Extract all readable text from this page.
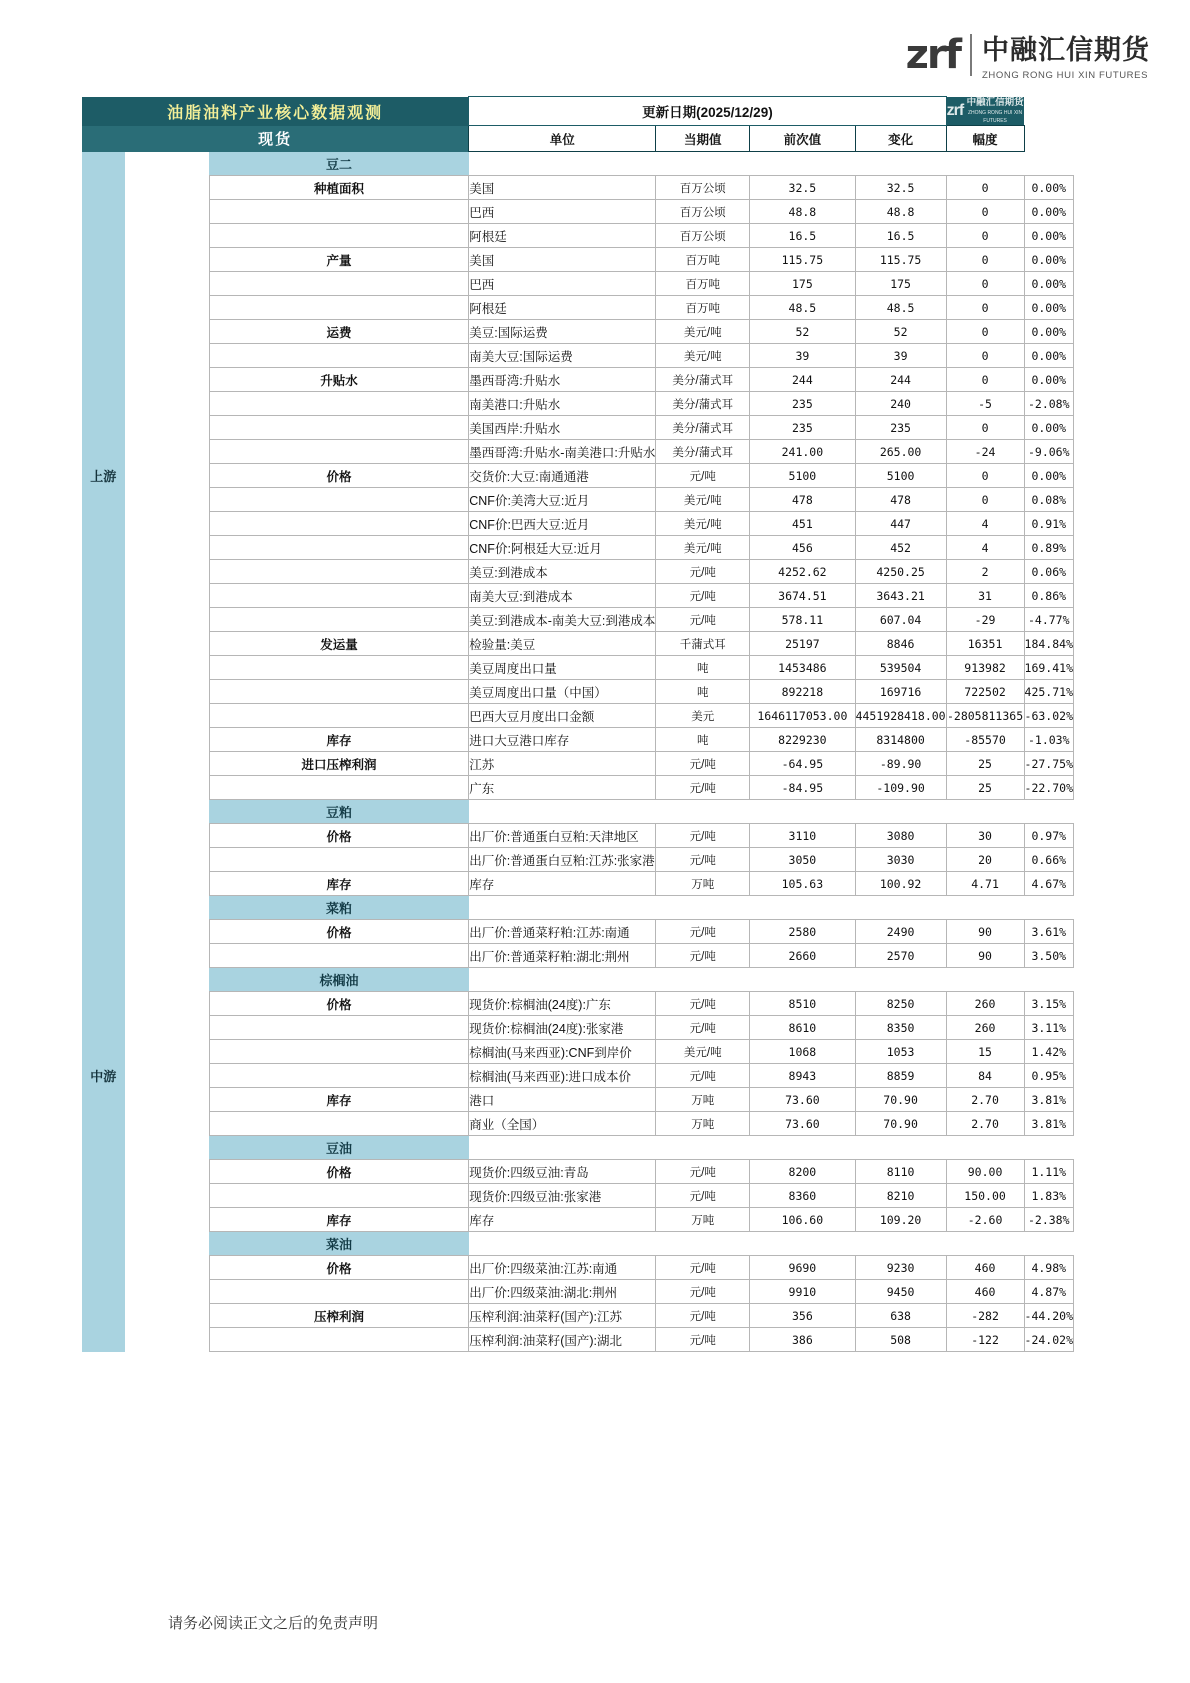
zrf 中融汇信期货
ZHONG RONG HUI XIN FUTURES
油脂油料产业核心数据观测			更新日期(2025/12/29)				zrf 中融汇信期货
ZHONG RONG HUI XIN FUTURES	

现货			单位	当期值	前次值	变化	幅度	
上游		豆二						
		种植面积	美国	百万公顷	32.5	32.5	0	0.00%
			巴西	百万公顷	48.8	48.8	0	0.00%
			阿根廷	百万公顷	16.5	16.5	0	0.00%
		产量	美国	百万吨	115.75	115.75	0	0.00%
			巴西	百万吨	175	175	0	0.00%
			阿根廷	百万吨	48.5	48.5	0	0.00%
		运费	美豆:国际运费	美元/吨	52	52	0	0.00%
			南美大豆:国际运费	美元/吨	39	39	0	0.00%
		升贴水	墨西哥湾:升贴水	美分/蒲式耳	244	244	0	0.00%
			南美港口:升贴水	美分/蒲式耳	235	240	-5	-2.08%
			美国西岸:升贴水	美分/蒲式耳	235	235	0	0.00%
			墨西哥湾:升贴水-南美港口:升贴水	美分/蒲式耳	241.00	265.00	-24	-9.06%
		价格	交货价:大豆:南通通港	元/吨	5100	5100	0	0.00%
			CNF价:美湾大豆:近月	美元/吨	478	478	0	0.08%
			CNF价:巴西大豆:近月	美元/吨	451	447	4	0.91%
			CNF价:阿根廷大豆:近月	美元/吨	456	452	4	0.89%
			美豆:到港成本	元/吨	4252.62	4250.25	2	0.06%
			南美大豆:到港成本	元/吨	3674.51	3643.21	31	0.86%
			美豆:到港成本-南美大豆:到港成本	元/吨	578.11	607.04	-29	-4.77%
		发运量	检验量:美豆	千蒲式耳	25197	8846	16351	184.84%
			美豆周度出口量	吨	1453486	539504	913982	169.41%
			美豆周度出口量（中国）	吨	892218	169716	722502	425.71%
			巴西大豆月度出口金额	美元	1646117053.00	4451928418.00	-2805811365	-63.02%
		库存	进口大豆港口库存	吨	8229230	8314800	-85570	-1.03%
		进口压榨利润	江苏	元/吨	-64.95	-89.90	25	-27.75%
			广东	元/吨	-84.95	-109.90	25	-22.70%
中游		豆粕						
		价格	出厂价:普通蛋白豆粕:天津地区	元/吨	3110	3080	30	0.97%
			出厂价:普通蛋白豆粕:江苏:张家港	元/吨	3050	3030	20	0.66%
		库存	库存	万吨	105.63	100.92	4.71	4.67%
		菜粕						
		价格	出厂价:普通菜籽粕:江苏:南通	元/吨	2580	2490	90	3.61%
			出厂价:普通菜籽粕:湖北:荆州	元/吨	2660	2570	90	3.50%
		棕榈油						
		价格	现货价:棕榈油(24度):广东	元/吨	8510	8250	260	3.15%
			现货价:棕榈油(24度):张家港	元/吨	8610	8350	260	3.11%
			棕榈油(马来西亚):CNF到岸价	美元/吨	1068	1053	15	1.42%
			棕榈油(马来西亚):进口成本价	元/吨	8943	8859	84	0.95%
		库存	港口	万吨	73.60	70.90	2.70	3.81%
			商业（全国）	万吨	73.60	70.90	2.70	3.81%
		豆油						
		价格	现货价:四级豆油:青岛	元/吨	8200	8110	90.00	1.11%
			现货价:四级豆油:张家港	元/吨	8360	8210	150.00	1.83%
		库存	库存	万吨	106.60	109.20	-2.60	-2.38%
		菜油						
		价格	出厂价:四级菜油:江苏:南通	元/吨	9690	9230	460	4.98%
			出厂价:四级菜油:湖北:荆州	元/吨	9910	9450	460	4.87%
		压榨利润	压榨利润:油菜籽(国产):江苏	元/吨	356	638	-282	-44.20%
			压榨利润:油菜籽(国产):湖北	元/吨	386	508	-122	-24.02%
请务必阅读正文之后的免责声明
